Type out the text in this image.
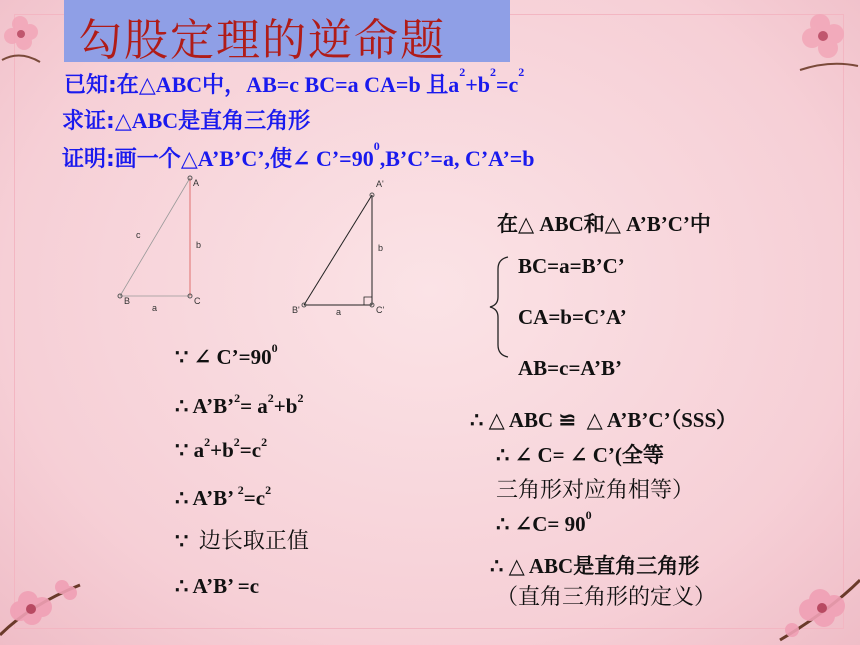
勾股定理的逆命题
已知:在△ABC中，AB=c BC=a CA=b 且$a^2+b^2=c^2$
求证:△ABC是直角三角形
证明:画一个△A’B’C’,使∠ $C’=90^0,B’C’=a$, C’A’=b
A
B	C
a
b
c
A'
B'	C'
a
b
在△ ABC和△ A’B’C’中
BC=a=B’C’
CA=b=C’A’
AB=c=A’B’
∵ ∠ $C’=90^0$
∴ A’B’$^2$= $a^2+b^2$
∵ $a^2+b^2=c^2$
∴ A’B’ $^2=c^2$
∵ 边长取正值
∴ A’B’ =c
∴ △ ABC ≌ △ A’B’C’（SSS）
∴ ∠ C= ∠ C’(全等
三角形对应角相等）
∴ ∠C= $90^0$
∴ △ ABC是直角三角形
（直角三角形的定义）
